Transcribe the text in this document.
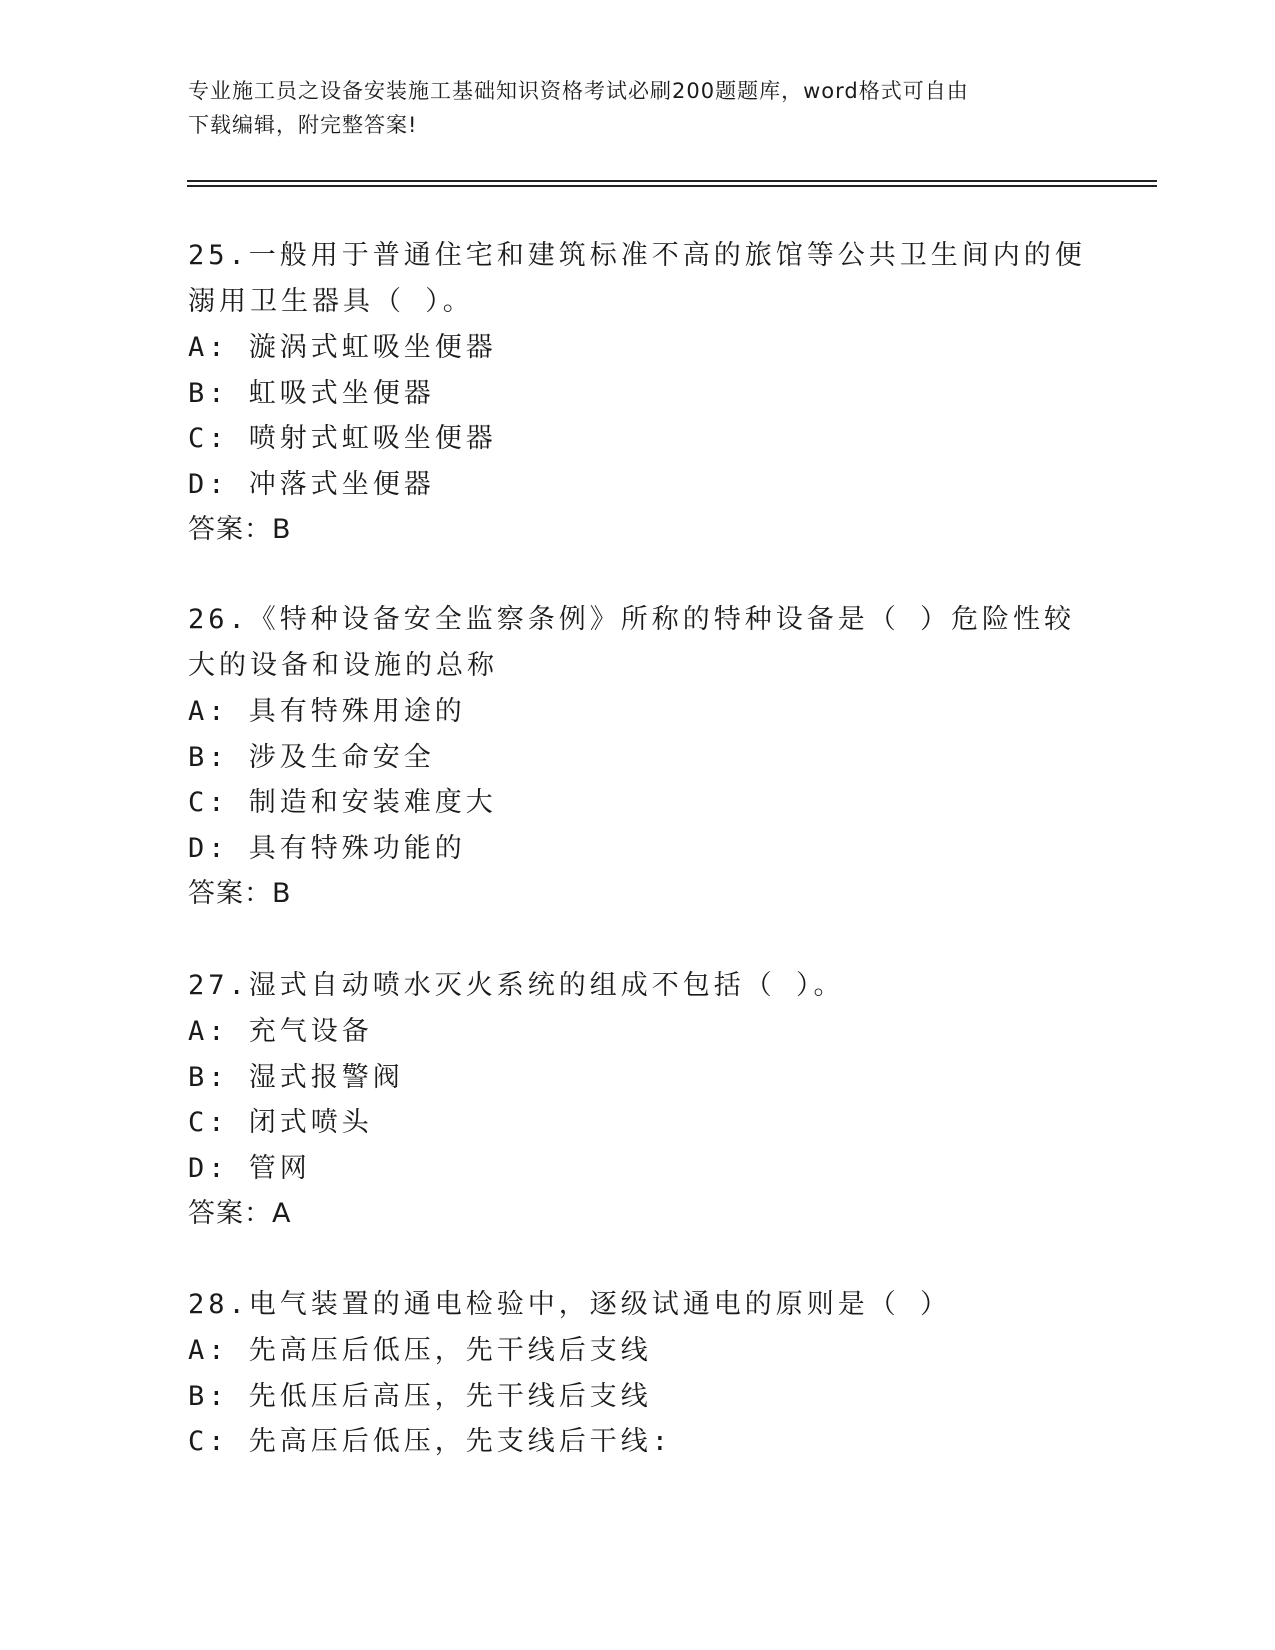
专业施工员之设备安装施工基础知识资格考试必刷200题题库，word格式可自由
下载编辑，附完整答案!
25.一般用于普通住宅和建筑标准不高的旅馆等公共卫生间内的便溺用卫生器具（ ）。
A: 漩涡式虹吸坐便器
B: 虹吸式坐便器
C: 喷射式虹吸坐便器
D: 冲落式坐便器
答案：B
26.《特种设备安全监察条例》所称的特种设备是（ ）危险性较大的设备和设施的总称
A: 具有特殊用途的
B: 涉及生命安全
C: 制造和安装难度大
D: 具有特殊功能的
答案：B
27.湿式自动喷水灭火系统的组成不包括（ ）。
A: 充气设备
B: 湿式报警阀
C: 闭式喷头
D: 管网
答案：A
28.电气装置的通电检验中，逐级试通电的原则是（ ）
A: 先高压后低压，先干线后支线
B: 先低压后高压，先干线后支线
C: 先高压后低压，先支线后干线:
